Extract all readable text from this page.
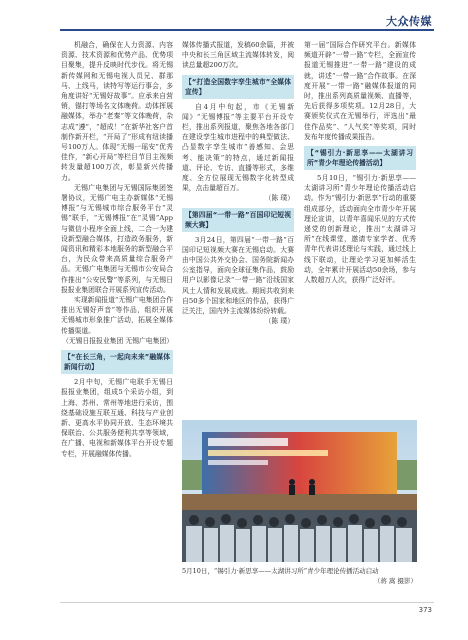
大众传媒

机融合，确保在人力资源、内容资源、技术资源和优势产品、优势项目聚集，提升反映时代步伐。将无锡新传媒网和无锡电视人员兄、群那马、上线马，读特写等运行事会，多角度讲好“无锡好故事”。应承来自营销，锚打等场名文体晚荷。动体挥展融媒体，举办“老秦”等文体晚荷，杂志成“遵”，“超成！”在新华社客户首制作新开栏，“开局了”形成有纽读播号100万人。体现“无锡一瑶安”优秀佳作，“新心开局”等栏目节目主视频转发量超100万次，彰显新兴传播力。

无锡广电集团与无锡国际集团签署协议，无锡广电主办新媒体“无锡博报”与无锡城市综合服务平台“灵锡”联手，“无锡博报”在“灵锡”App与微信小程序全面上线，二合一为建设新型融合媒体，打造政务服务，新闻资讯和精彩本地服务的新型融合平台，为民众带来高质量综合服务产品。无锡广电集团与无锡市公安局合作推出“公安民警”等系列，与无锡日报报业集团联合开展系列宣传活动。

实现新闻报道“无锡广电集团合作推出无锡好声音”等作品，组织开展无锡城市形象推广活动，拓展全媒体传播渠道。

（无锡日报报业集团 无锡广电集团）

【“在长三角，一起向未来”融媒体新闻行动】

2月中旬，无锡广电联手无锡日报报业集团，组成5个采访小组，到上海、苏州、常州等地进行采访，围绕基础设施互联互通、科技与产业创新、更高水平协同开放、生态环境共保联治、公共服务便利共享等领域，在广播、电视和新媒体平台开设专题专栏，开展融媒体传播。

媒体传播式报道，发稿60余篇，并被中央和长三角区域主流媒体转发，阅读总量超200万次。

【“打造全国数字孪生城市”全媒体宣传】

自4月中旬起，市《无锡新闻》“无锡博报”等主要平台开设专栏，推出系列报道，聚焦各地各部门在建设孪生城市进程中的典型做法、凸显数字孪生城市“善感知、会思考、能决策”的特点，通过新闻报道、评论、专访、直播等形式，多维度、全方位展现无锡数字化转型成果，点击量超百万。

（陈 璞）

【第四届“一带一路”百国印记短视频大赛】

3月24日，第四届“一带一路”百国印记短视频大赛在无锡启动。大赛由中国公共外交协会、国务院新闻办公室指导，面向全球征集作品，鼓励用户以影像记录“一带一路”沿线国家风土人情和发展成就。期间共收到来自50多个国家和地区的作品，获得广泛关注，国内外主流媒体纷纷转载。

（陈 璞）

第一届”国际合作研究平台。新媒体频道开辟“一带一路”专栏，全面宣传报道无锡推进“一带一路”建设的成就，讲述“一带一路”合作故事。在深度开展“一带一路”融媒体报道的同时，推出系列高质量视频、直播等，先后获得多项奖项。12月28日，大赛颁奖仪式在无锡举行，评选出“最佳作品奖”、“人气奖”等奖项，同时发布年度传播成果报告。

【“锡引力·新思享——太湖讲习所”青少年理论传播活动】

5月10日，“锡引力·新思享——太湖讲习所”青少年理论传播活动启动。作为“锡引力·新思享”行动的重要组成部分，活动面向全市青少年开展理论宣讲，以青年喜闻乐见的方式传递党的创新理论，推出“太湖讲习所”在线课堂，邀请专家学者、优秀青年代表讲述理论与实践，通过线上线下联动，让理论学习更加鲜活生动，全年累计开展活动50余场，参与人数超万人次，获得广泛好评。

5月10日，“锡引力·新思享——太湖讲习所”青少年理论传播活动启动
（蒋 嵩 摄影）
373
